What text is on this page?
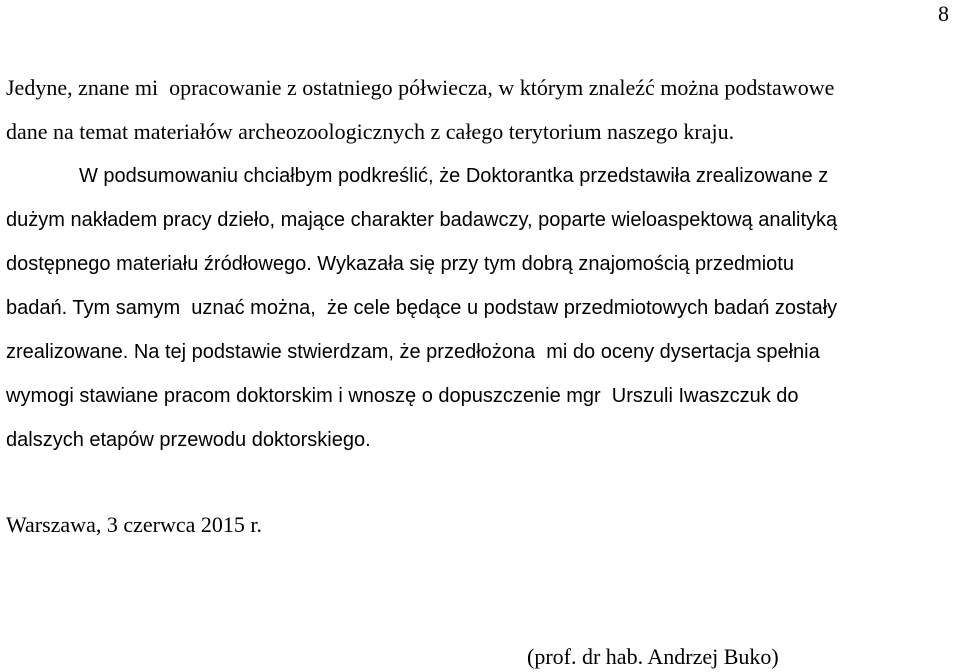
8
Jedyne, znane mi  opracowanie z ostatniego półwiecza, w którym znaleźć można podstawowe
dane na temat materiałów archeozoologicznych z całego terytorium naszego kraju.
W podsumowaniu chciałbym podkreślić, że Doktorantka przedstawiła zrealizowane z
dużym nakładem pracy dzieło, mające charakter badawczy, poparte wieloaspektową analityką
dostępnego materiału źródłowego. Wykazała się przy tym dobrą znajomością przedmiotu
badań. Tym samym  uznać można,  że cele będące u podstaw przedmiotowych badań zostały
zrealizowane. Na tej podstawie stwierdzam, że przedłożona  mi do oceny dysertacja spełnia
wymogi stawiane pracom doktorskim i wnoszę o dopuszczenie mgr  Urszuli Iwaszczuk do
dalszych etapów przewodu doktorskiego.
Warszawa, 3 czerwca 2015 r.
(prof. dr hab. Andrzej Buko)
